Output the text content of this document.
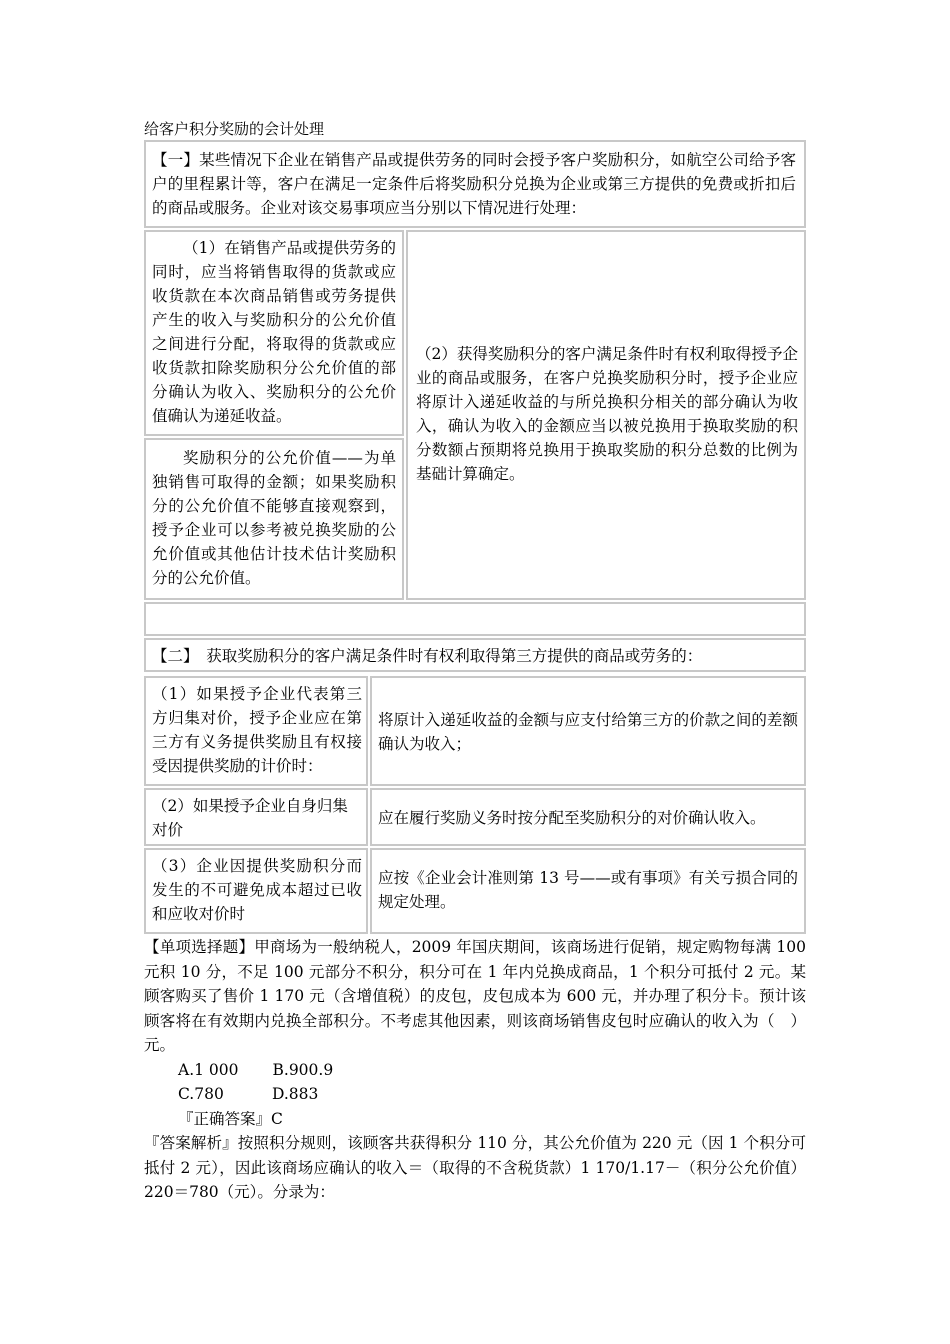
给客户积分奖励的会计处理

【一】某些情况下企业在销售产品或提供劳务的同时会授予客户奖励积分，如航空公司给予客户的里程累计等，客户在满足一定条件后将奖励积分兑换为企业或第三方提供的免费或折扣后的商品或服务。企业对该交易事项应当分别以下情况进行处理：

（1）在销售产品或提供劳务的同时，应当将销售取得的货款或应收货款在本次商品销售或劳务提供产生的收入与奖励积分的公允价值之间进行分配，将取得的货款或应收货款扣除奖励积分公允价值的部分确认为收入、奖励积分的公允价值确认为递延收益。

奖励积分的公允价值——为单独销售可取得的金额；如果奖励积分的公允价值不能够直接观察到，授予企业可以参考被兑换奖励的公允价值或其他估计技术估计奖励积分的公允价值。

（2）获得奖励积分的客户满足条件时有权利取得授予企业的商品或服务，在客户兑换奖励积分时，授予企业应将原计入递延收益的与所兑换积分相关的部分确认为收入，确认为收入的金额应当以被兑换用于换取奖励的积分数额占预期将兑换用于换取奖励的积分总数的比例为基础计算确定。

【二】　获取奖励积分的客户满足条件时有权利取得第三方提供的商品或劳务的：

（1）如果授予企业代表第三方归集对价，授予企业应在第三方有义务提供奖励且有权接受因提供奖励的计价时：

将原计入递延收益的金额与应支付给第三方的价款之间的差额确认为收入；

（2）如果授予企业自身归集对价

应在履行奖励义务时按分配至奖励积分的对价确认收入。

（3）企业因提供奖励积分而发生的不可避免成本超过已收和应收对价时

应按《企业会计准则第 13 号——或有事项》有关亏损合同的规定处理。

【单项选择题】甲商场为一般纳税人，2009 年国庆期间，该商场进行促销，规定购物每满 100 元积 10 分，不足 100 元部分不积分，积分可在 1 年内兑换成商品，1 个积分可抵付 2 元。某顾客购买了售价 1 170 元（含增值税）的皮包，皮包成本为 600 元，并办理了积分卡。预计该顾客将在有效期内兑换全部积分。不考虑其他因素，则该商场销售皮包时应确认的收入为（　）元。

A.1 000 B.900.9

C.780	D.883

『正确答案』C

『答案解析』按照积分规则，该顾客共获得积分 110 分，其公允价值为 220 元（因 1 个积分可抵付 2 元），因此该商场应确认的收入＝（取得的不含税货款）1 170/1.17－（积分公允价值）220＝780（元）。分录为：
